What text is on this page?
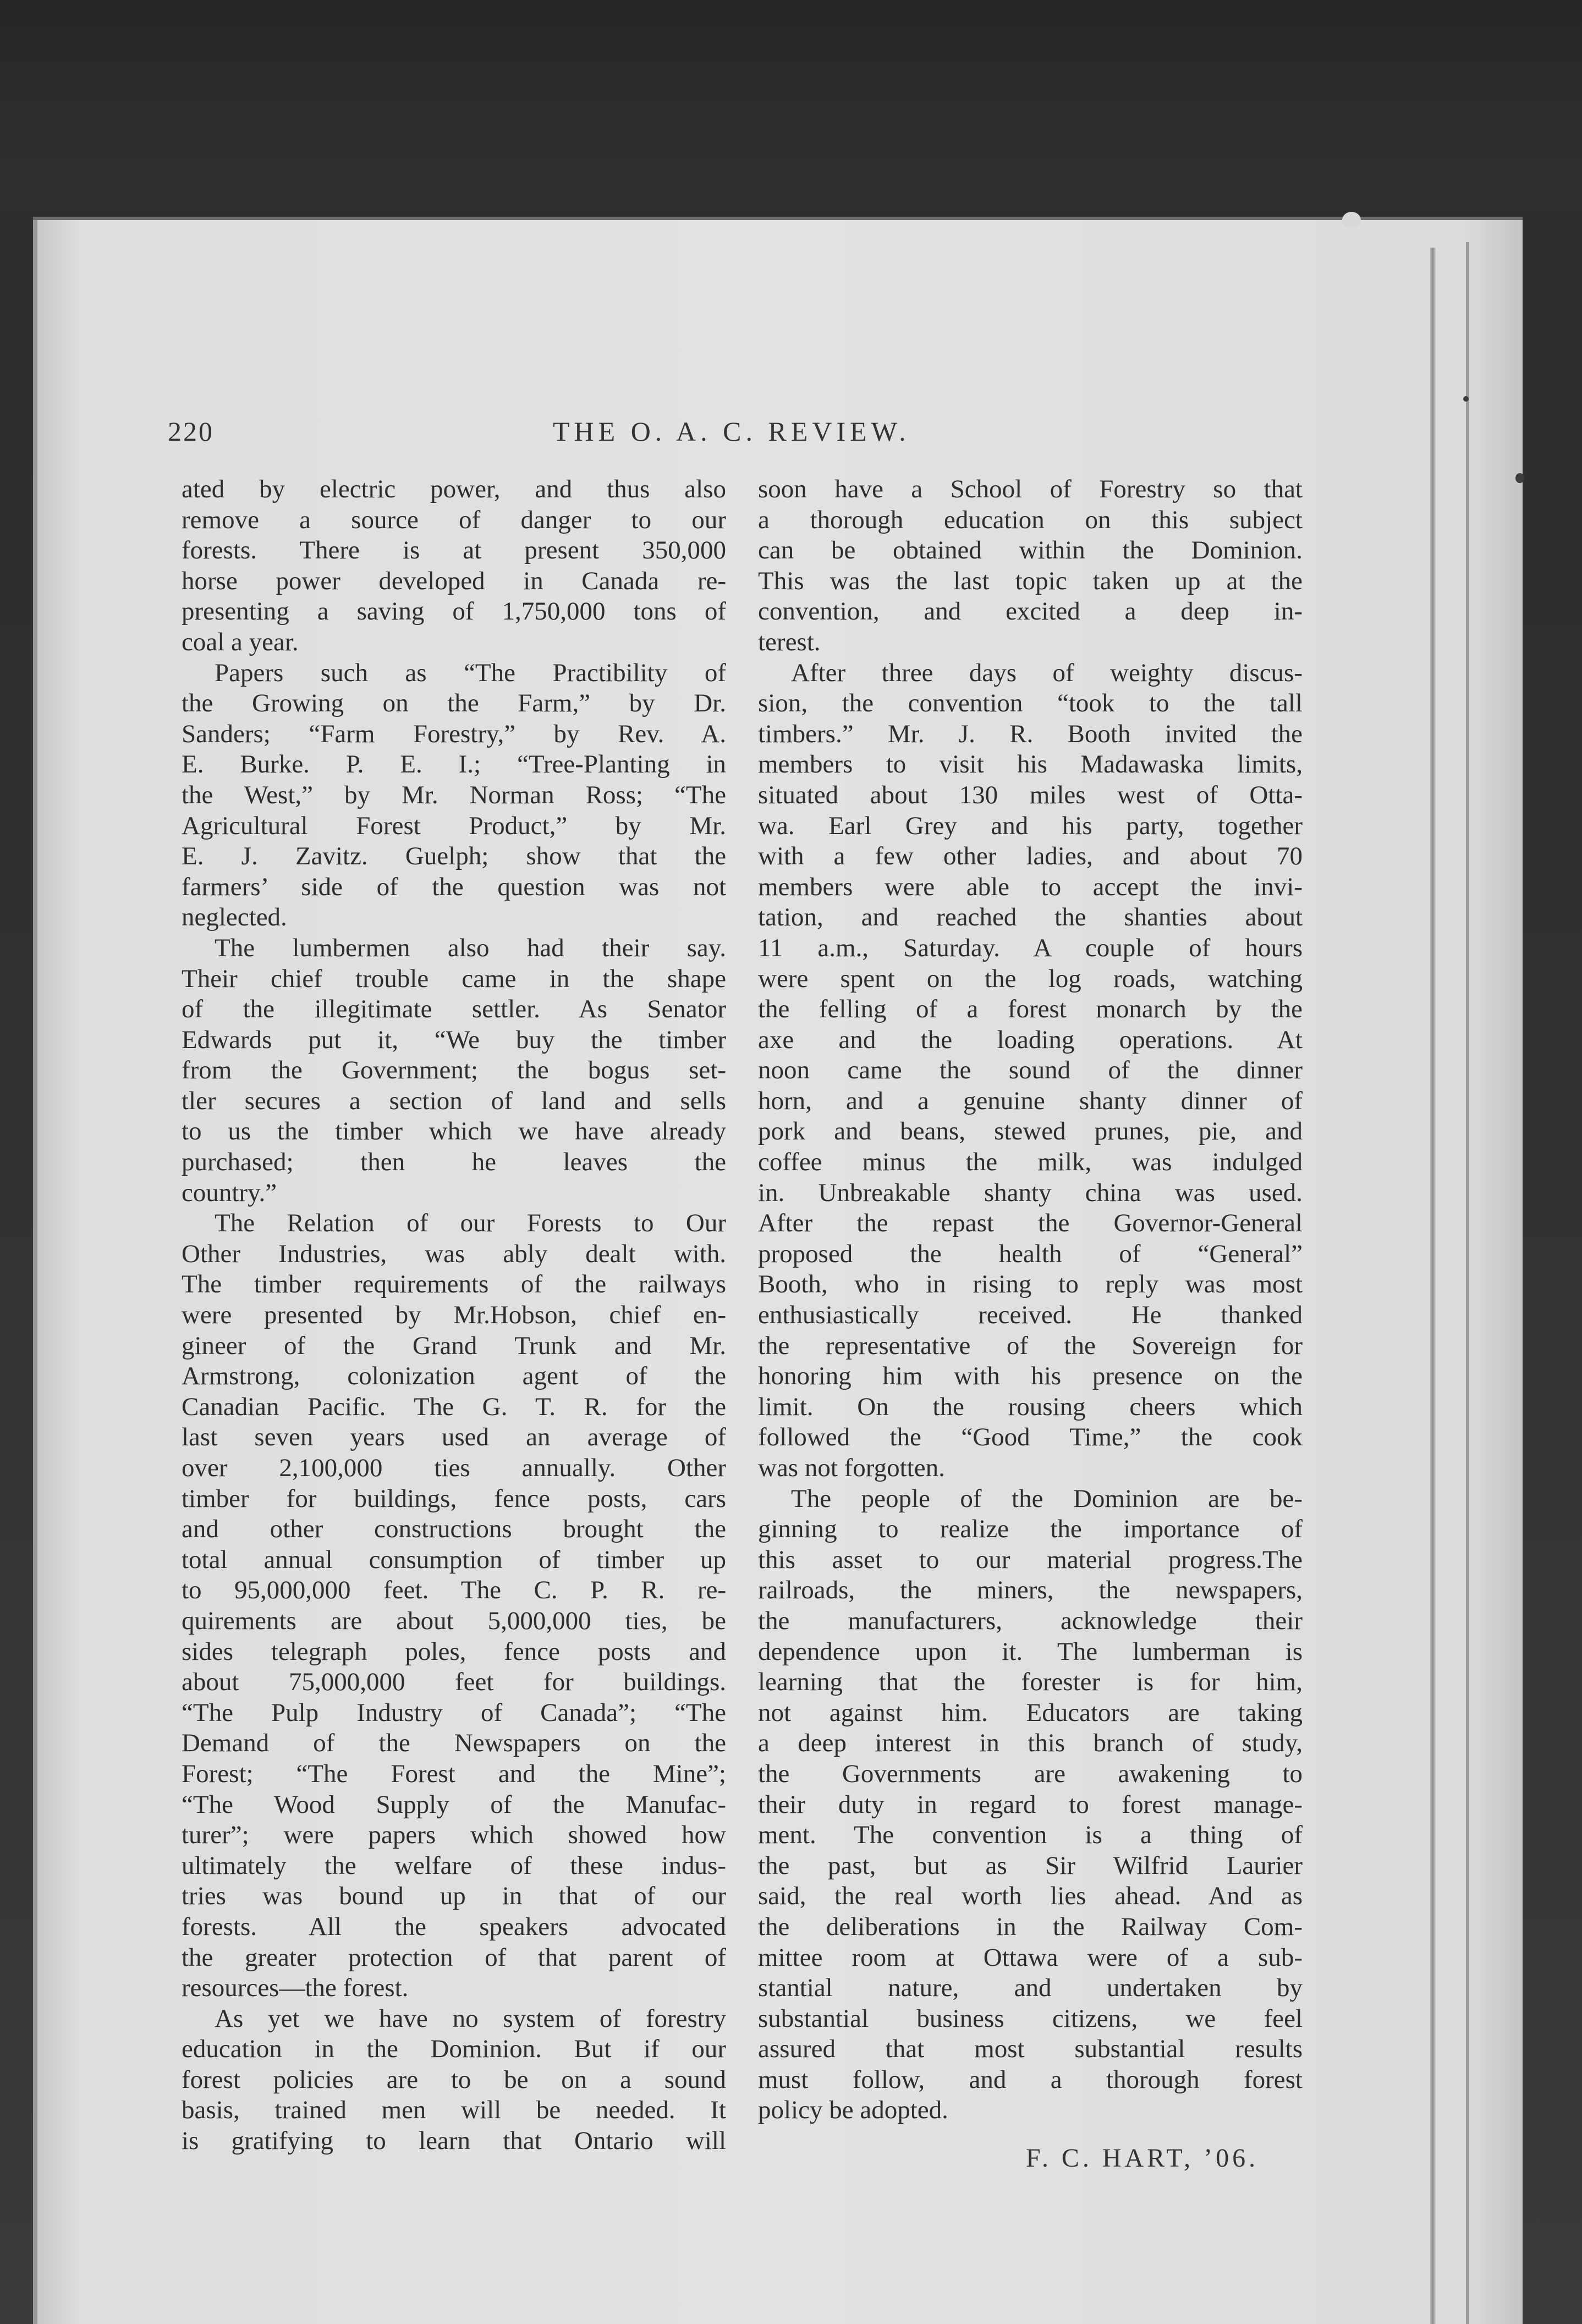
220	THE O. A. C. REVIEW.
ated by electric power, and thus also
remove a source of danger to our
forests. There is at present 350,000
horse power developed in Canada re-
presenting a saving of 1,750,000 tons of
coal a year.
Papers such as “The Practibility of
the Growing on the Farm,” by Dr.
Sanders; “Farm Forestry,” by Rev. A.
E. Burke. P. E. I.; “Tree-Planting in
the West,” by Mr. Norman Ross; “The
Agricultural Forest Product,” by Mr.
E. J. Zavitz. Guelph; show that the
farmers’ side of the question was not
neglected.
The lumbermen also had their say.
Their chief trouble came in the shape
of the illegitimate settler. As Senator
Edwards put it, “We buy the timber
from the Government; the bogus set-
tler secures a section of land and sells
to us the timber which we have already
purchased; then he leaves the
country.”
The Relation of our Forests to Our
Other Industries, was ably dealt with.
The timber requirements of the railways
were presented by Mr.Hobson, chief en-
gineer of the Grand Trunk and Mr.
Armstrong, colonization agent of the
Canadian Pacific. The G. T. R. for the
last seven years used an average of
over 2,100,000 ties annually. Other
timber for buildings, fence posts, cars
and other constructions brought the
total annual consumption of timber up
to 95,000,000 feet. The C. P. R. re-
quirements are about 5,000,000 ties, be
sides telegraph poles, fence posts and
about 75,000,000 feet for buildings.
“The Pulp Industry of Canada”; “The
Demand of the Newspapers on the
Forest; “The Forest and the Mine”;
“The Wood Supply of the Manufac-
turer”; were papers which showed how
ultimately the welfare of these indus-
tries was bound up in that of our
forests. All the speakers advocated
the greater protection of that parent of
resources—the forest.
As yet we have no system of forestry
education in the Dominion. But if our
forest policies are to be on a sound
basis, trained men will be needed. It
is gratifying to learn that Ontario will
soon have a School of Forestry so that
a thorough education on this subject
can be obtained within the Dominion.
This was the last topic taken up at the
convention, and excited a deep in-
terest.
After three days of weighty discus-
sion, the convention “took to the tall
timbers.” Mr. J. R. Booth invited the
members to visit his Madawaska limits,
situated about 130 miles west of Otta-
wa. Earl Grey and his party, together
with a few other ladies, and about 70
members were able to accept the invi-
tation, and reached the shanties about
11 a.m., Saturday. A couple of hours
were spent on the log roads, watching
the felling of a forest monarch by the
axe and the loading operations. At
noon came the sound of the dinner
horn, and a genuine shanty dinner of
pork and beans, stewed prunes, pie, and
coffee minus the milk, was indulged
in. Unbreakable shanty china was used.
After the repast the Governor-General
proposed the health of “General”
Booth, who in rising to reply was most
enthusiastically received. He thanked
the representative of the Sovereign for
honoring him with his presence on the
limit. On the rousing cheers which
followed the “Good Time,” the cook
was not forgotten.
The people of the Dominion are be-
ginning to realize the importance of
this asset to our material progress.The
railroads, the miners, the newspapers,
the manufacturers, acknowledge their
dependence upon it. The lumberman is
learning that the forester is for him,
not against him. Educators are taking
a deep interest in this branch of study,
the Governments are awakening to
their duty in regard to forest manage-
ment. The convention is a thing of
the past, but as Sir Wilfrid Laurier
said, the real worth lies ahead. And as
the deliberations in the Railway Com-
mittee room at Ottawa were of a sub-
stantial nature, and undertaken by
substantial business citizens, we feel
assured that most substantial results
must follow, and a thorough forest
policy be adopted.
F. C. HART, ’06.
